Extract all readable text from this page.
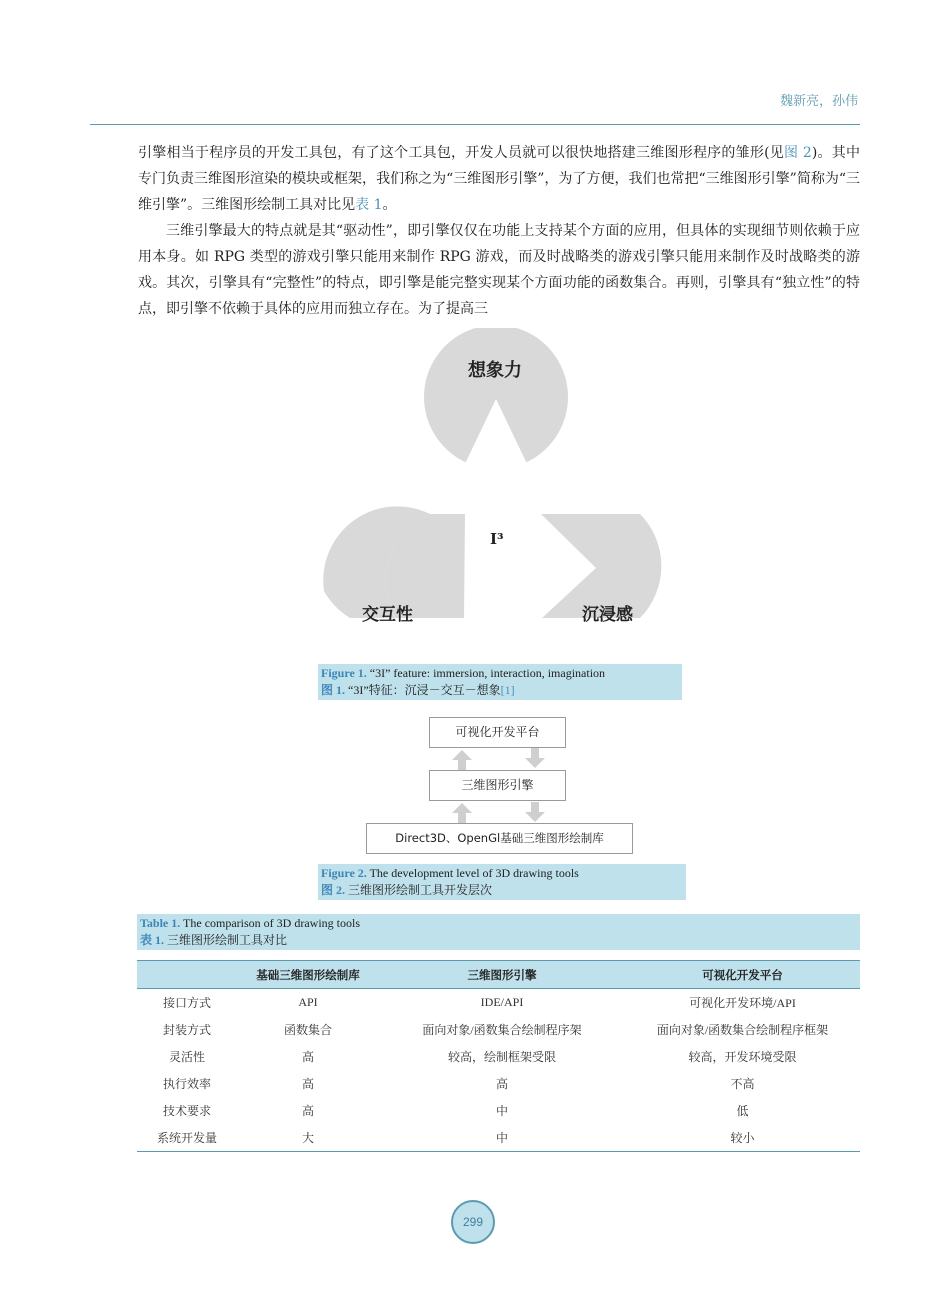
魏新亮，孙伟

引擎相当于程序员的开发工具包，有了这个工具包，开发人员就可以很快地搭建三维图形程序的雏形(见图 2)。其中专门负责三维图形渲染的模块或框架，我们称之为“三维图形引擎”，为了方便，我们也常把“三维图形引擎”简称为“三维引擎”。三维图形绘制工具对比见表 1。

三维引擎最大的特点就是其“驱动性”，即引擎仅仅在功能上支持某个方面的应用，但具体的实现细节则依赖于应用本身。如 RPG 类型的游戏引擎只能用来制作 RPG 游戏，而及时战略类的游戏引擎只能用来制作及时战略类的游戏。其次，引擎具有“完整性”的特点，即引擎是能完整实现某个方面功能的函数集合。再则，引擎具有“独立性”的特点，即引擎不依赖于具体的应用而独立存在。为了提高三

想象力
I³
交互性	沉浸感
Figure 1. “3I” feature: immersion, interaction, imagination
图 1. “3I”特征：沉浸－交互－想象[1]
可视化开发平台
三维图形引擎
Direct3D、OpenGl基础三维图形绘制库
Figure 2. The development level of 3D drawing tools
图 2. 三维图形绘制工具开发层次
Table 1. The comparison of 3D drawing tools
表 1. 三维图形绘制工具对比
	基础三维图形绘制库	三维图形引擎	可视化开发平台
接口方式	API	IDE/API	可视化开发环境/API
封装方式	函数集合	面向对象/函数集合绘制程序架	面向对象/函数集合绘制程序框架
灵活性	高	较高，绘制框架受限	较高，开发环境受限
执行效率	高	高	不高
技术要求	高	中	低
系统开发量	大	中	较小
299
